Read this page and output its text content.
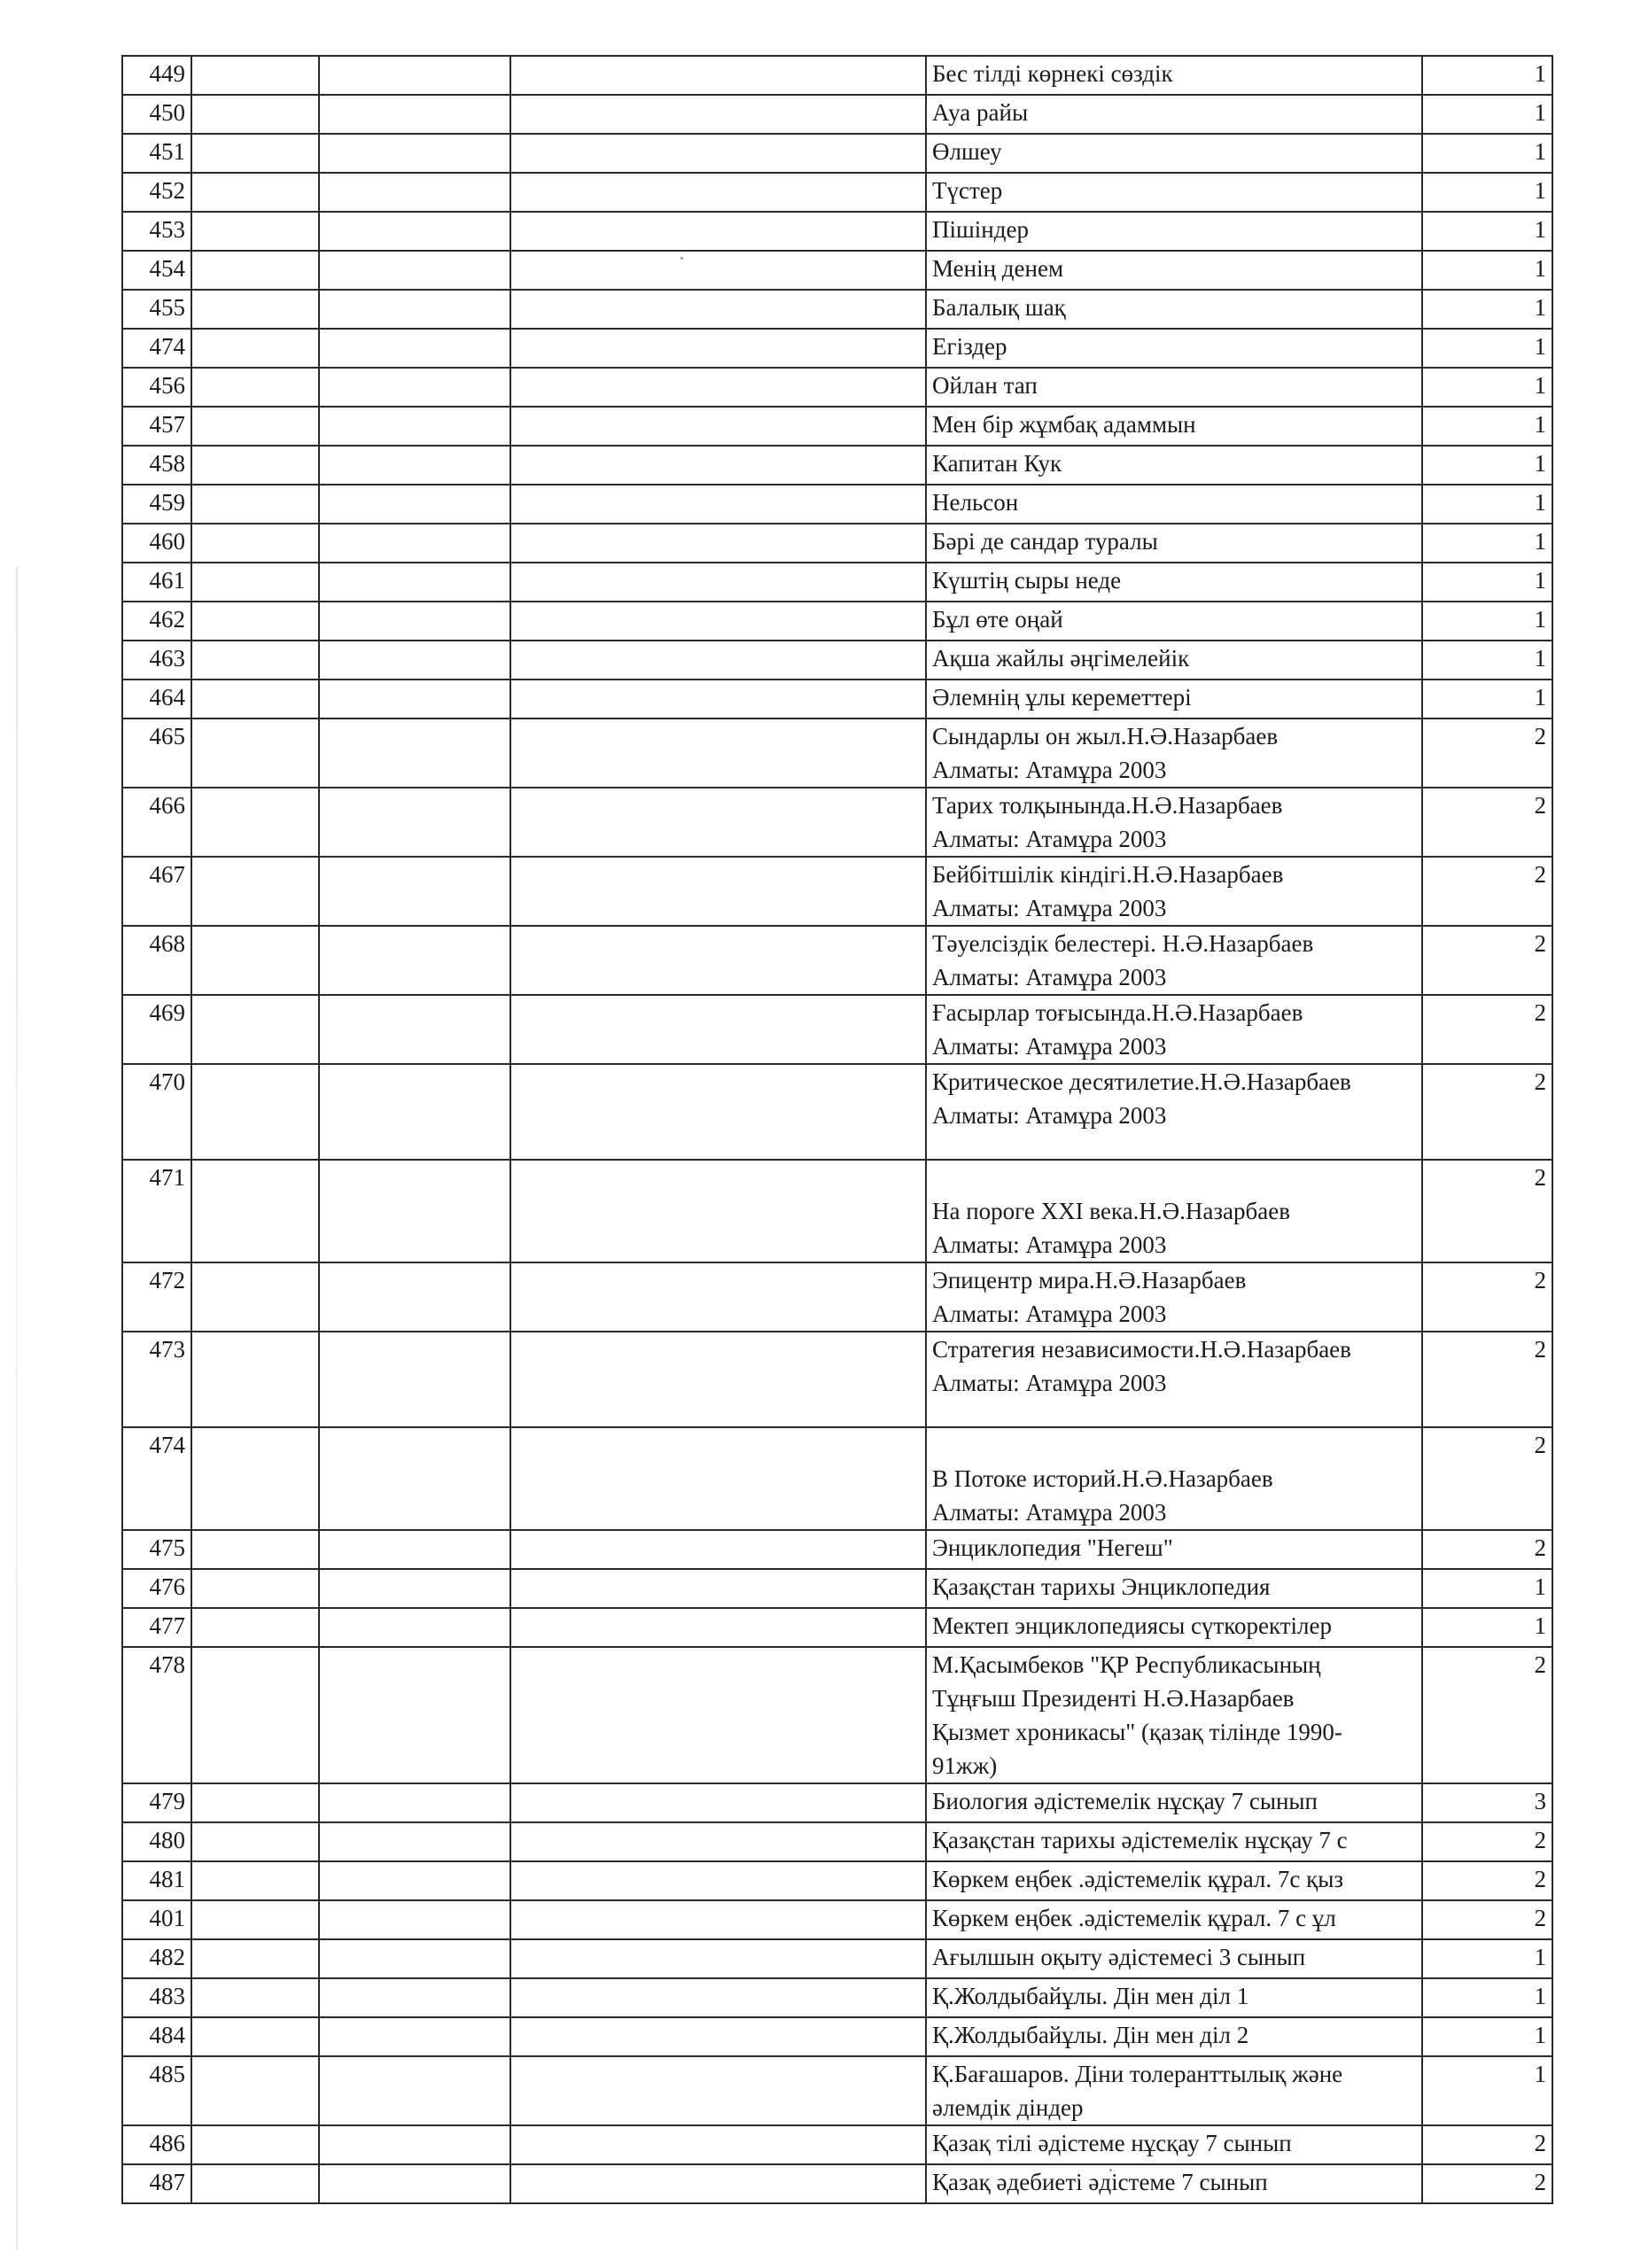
449				Бес тілді көрнекі сөздік	1
450				Ауа райы	1
451				Өлшеу	1
452				Түстер	1
453				Пішіндер	1
454				Менің денем	1
455				Балалық шақ	1
474				Егіздер	1
456				Ойлан тап	1
457				Мен бір жұмбақ адаммын	1
458				Капитан Кук	1
459				Нельсон	1
460				Бәрі де сандар туралы	1
461				Күштің сыры неде	1
462				Бұл өте оңай	1
463				Ақша жайлы әңгімелейік	1
464				Әлемнің ұлы кереметтері	1
465				Сындарлы он жыл.Н.Ә.Назарбаев
Алматы: Атамұра 2003	2
466				Тарих толқынында.Н.Ә.Назарбаев
Алматы: Атамұра 2003	2
467				Бейбітшілік кіндігі.Н.Ә.Назарбаев
Алматы: Атамұра 2003	2
468				Тәуелсіздік белестері. Н.Ә.Назарбаев
Алматы: Атамұра 2003	2
469				Ғасырлар тоғысында.Н.Ә.Назарбаев
Алматы: Атамұра 2003	2
470				Критическое десятилетие.Н.Ә.Назарбаев
Алматы: Атамұра 2003	2
471				
На пороге XXI века.Н.Ә.Назарбаев
Алматы: Атамұра 2003	2
472				Эпицентр мира.Н.Ә.Назарбаев
Алматы: Атамұра 2003	2
473				Стратегия независимости.Н.Ә.Назарбаев
Алматы: Атамұра 2003	2
474				
В Потоке историй.Н.Ә.Назарбаев
Алматы: Атамұра 2003	2
475				Энциклопедия "Негеш"	2
476				Қазақстан тарихы Энциклопедия	1
477				Мектеп энциклопедиясы сүткоректілер	1
478				М.Қасымбеков "ҚР Республикасының
Тұңғыш Президенті Н.Ә.Назарбаев
Қызмет хроникасы" (қазақ тілінде 1990-
91жж)	2
479				Биология әдістемелік нұсқау 7 сынып	3
480				Қазақстан тарихы әдістемелік нұсқау 7 с	2
481				Көркем еңбек .әдістемелік құрал. 7с қыз	2
401				Көркем еңбек .әдістемелік құрал. 7 с ұл	2
482				Ағылшын оқыту әдістемесі 3 сынып	1
483				Қ.Жолдыбайұлы. Дін мен діл 1	1
484				Қ.Жолдыбайұлы. Дін мен діл 2	1
485				Қ.Бағашаров. Діни толеранттылық және
әлемдік діндер	1
486				Қазақ тілі әдістеме нұсқау 7 сынып	2
487				Қазақ әдебиеті әдістеме 7 сынып	2
